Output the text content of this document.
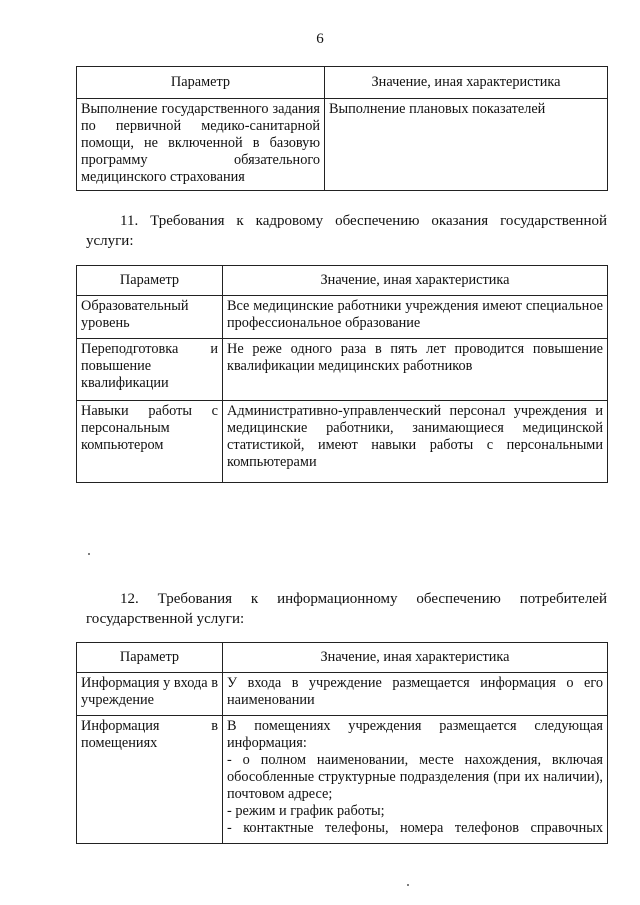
6
Параметр	Значение, иная характеристика
Выполнение государственного задания по первичной медико-санитарной помощи, не включенной в базовую программу обязательного медицинского страхования	Выполнение плановых показателей
11. Требования к кадровому обеспечению оказания государственной
услуги:
Параметр	Значение, иная характеристика
Образовательный уровень	Все медицинские работники учреждения имеют специальное профессиональное образование
Переподготовка и повышение квалификации	Не реже одного раза в пять лет проводится повышение квалификации медицинских работников
Навыки работы с персональным компьютером	Административно-управленческий персонал учреждения и медицинские работники, занимающиеся медицинской статистикой, имеют навыки работы с персональными компьютерами
12. Требования к информационному обеспечению потребителей
государственной услуги:
Параметр	Значение, иная характеристика
Информация у входа в учреждение	У входа в учреждение размещается информация о его наименовании
Информация в помещениях	В помещениях учреждения размещается следующая информация:
- о полном наименовании, месте нахождения, включая обособленные структурные подразделения (при их наличии), почтовом адресе;
- режим и график работы;
- контактные телефоны, номера телефонов справочных
